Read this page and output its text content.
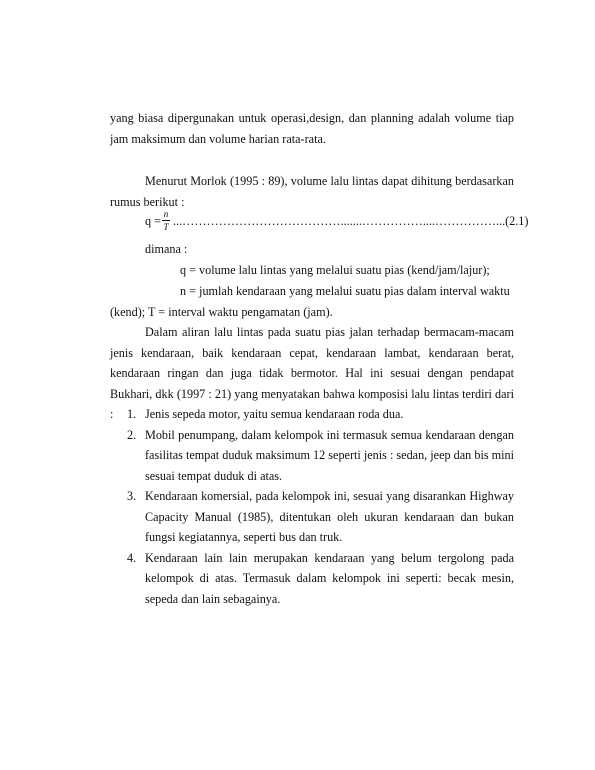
yang biasa dipergunakan untuk operasi,design, dan planning adalah volume tiap jam maksimum dan volume harian rata-rata.

Menurut Morlok (1995 : 89), volume lalu lintas dapat dihitung berdasarkan rumus berikut :

q = n
T ...………………………………….......……………....……………...(2.1)

dimana :

q = volume lalu lintas yang melalui suatu pias (kend/jam/lajur);

n = jumlah kendaraan yang melalui suatu pias dalam interval waktu

(kend); T = interval waktu pengamatan (jam).

Dalam aliran lalu lintas pada suatu pias jalan terhadap bermacam-macam jenis kendaraan, baik kendaraan cepat, kendaraan lambat, kendaraan berat, kendaraan ringan dan juga tidak bermotor. Hal ini sesuai dengan pendapat Bukhari, dkk (1997 : 21) yang menyatakan bahwa komposisi lalu lintas terdiri dari :	1. Jenis sepeda motor, yaitu semua kendaraan roda dua.
2. Mobil penumpang, dalam kelompok ini termasuk semua kendaraan dengan fasilitas tempat duduk maksimum 12 seperti jenis : sedan, jeep dan bis mini sesuai tempat duduk di atas.
3. Kendaraan komersial, pada kelompok ini, sesuai yang disarankan Highway Capacity Manual (1985), ditentukan oleh ukuran kendaraan dan bukan fungsi kegiatannya, seperti bus dan truk.
4. Kendaraan lain lain merupakan kendaraan yang belum tergolong pada kelompok di atas. Termasuk dalam kelompok ini seperti: becak mesin, sepeda dan lain sebagainya.
